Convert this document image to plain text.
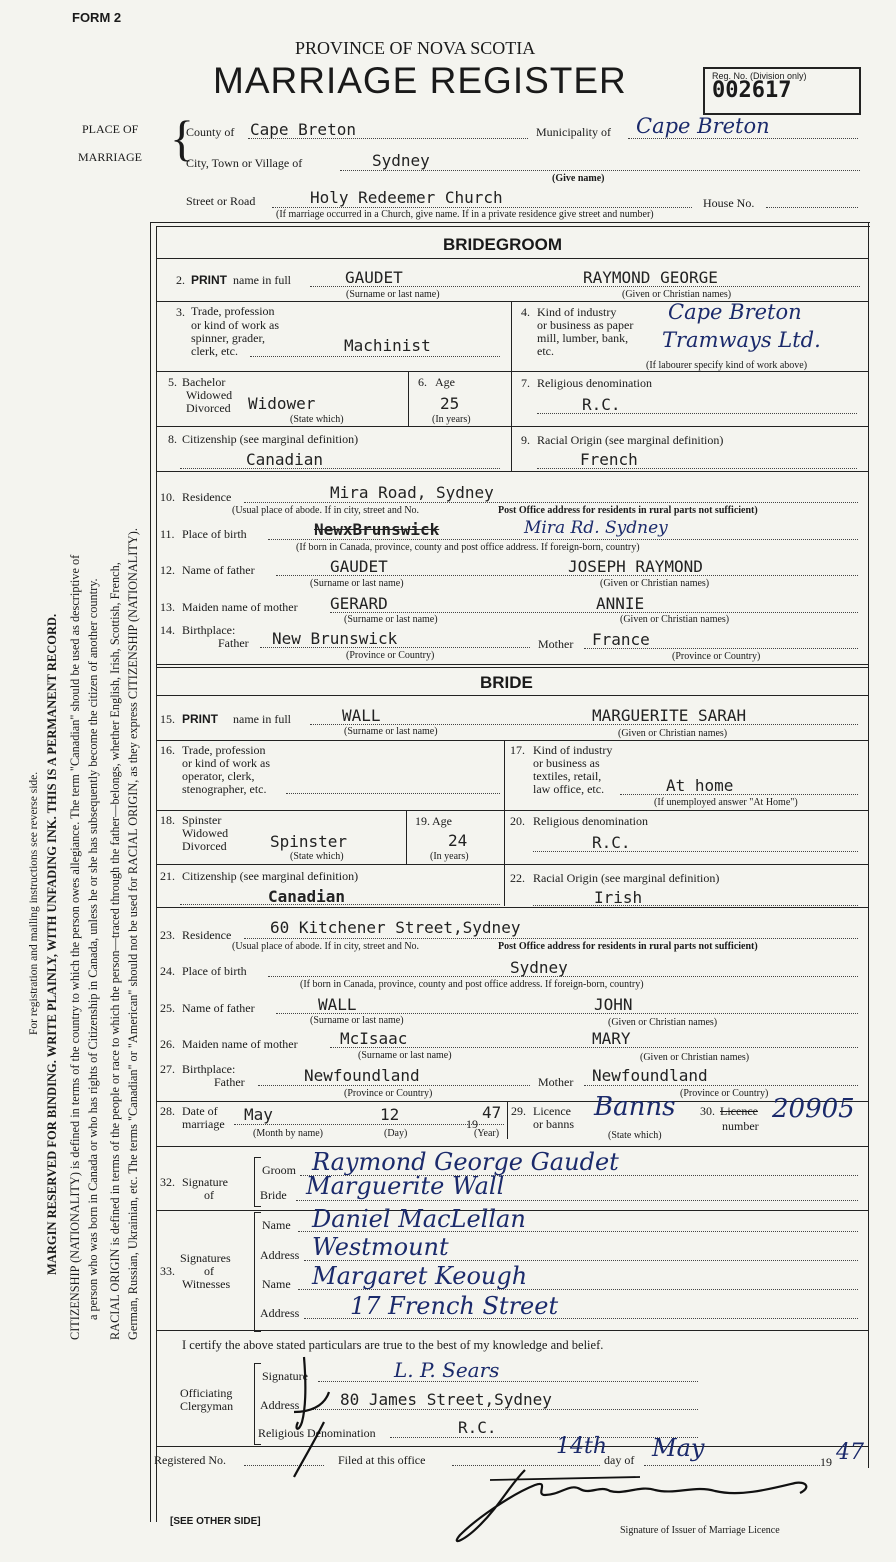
FORM 2
PROVINCE OF NOVA SCOTIA
MARRIAGE REGISTER	Reg. No. (Division only)
002617
PLACE OF
MARRIAGE {
County of Cape Breton	Municipality of Cape Breton
City, Town or Village of	Sydney
(Give name)
Street or Road	Holy Redeemer Church	House No.
(If marriage occurred in a Church, give name. If in a private residence give street and number)
For registration and mailing instructions see reverse side. MARGIN RESERVED FOR BINDING. WRITE PLAINLY, WITH UNFADING INK. THIS IS A PERMANENT RECORD. CITIZENSHIP (NATIONALITY) is defined in terms of the country to which the person owes allegiance. The term "Canadian" should be used as descriptive of a person who was born in Canada or who has rights of Citizenship in Canada, unless he or she has subsequently become the citizen of another country. RACIAL ORIGIN is defined in terms of the people or race to which the person—traced through the father—belongs, whether English, Irish, Scottish, French, German, Russian, Ukrainian, etc. The terms "Canadian" or "American" should not be used for RACIAL ORIGIN, as they express CITIZENSHIP (NATIONALITY).
BRIDEGROOM
2. PRINT name in full	GAUDET	RAYMOND GEORGE
(Surname or last name)	(Given or Christian names)
3. Trade, profession
or kind of work as
spinner, grader,
clerk, etc.	Machinist
4. Kind of industry
or business as paper
mill, lumber, bank,
etc.
Cape Breton
Tramways Ltd.
(If labourer specify kind of work above)
5. Bachelor
Widowed
Divorced Widower
(State which)
6. Age
25
(In years)
7. Religious denomination
R.C.
8. Citizenship (see marginal definition)
Canadian
9. Racial Origin (see marginal definition)
French
10. Residence	Mira Road, Sydney
(Usual place of abode. If in city, street and No.	Post Office address for residents in rural parts not sufficient)
11. Place of birth	NewxBrunswick	Mira Rd. Sydney
(If born in Canada, province, county and post office address. If foreign-born, country)
12. Name of father	GAUDET	JOSEPH RAYMOND
(Surname or last name)	(Given or Christian names)
13. Maiden name of mother GERARD	ANNIE
(Surname or last name)	(Given or Christian names)
14. Birthplace:
Father New Brunswick
(Province or Country)
Mother France
(Province or Country)
BRIDE
15. PRINT name in full	WALL	MARGUERITE SARAH
(Surname or last name)	(Given or Christian names)
16. Trade, profession
or kind of work as
operator, clerk,
stenographer, etc.
17. Kind of industry
or business as
textiles, retail,
law office, etc.	At home
(If unemployed answer "At Home")
18. Spinster
Widowed
Divorced	Spinster
(State which)
19. Age
24
(In years)
20. Religious denomination
R.C.
21. Citizenship (see marginal definition)
Canadian
22. Racial Origin (see marginal definition)
Irish
23. Residence 60 Kitchener Street,Sydney
(Usual place of abode. If in city, street and No.	Post Office address for residents in rural parts not sufficient)
24. Place of birth	Sydney
(If born in Canada, province, county and post office address. If foreign-born, country)
25. Name of father	WALL	JOHN
(Surname or last name)	(Given or Christian names)
26. Maiden name of mother	McIsaac	MARY
(Surname or last name)	(Given or Christian names)
27. Birthplace:
Father	Newfoundland
(Province or Country)
Mother Newfoundland
(Province or Country)
28. Date of
marriage May	12	19
47
(Month by name)	(Day)	(Year)
29. Licence
or banns
Banns
(State which)
30. Licence
number
20905
32. Signature
of
Groom Raymond George Gaudet
Bride Marguerite Wall
33.
Signatures
of
Witnesses
Name Daniel MacLellan
Address Westmount
Name Margaret Keough
Address 17 French Street
I certify the above stated particulars are true to the best of my knowledge and belief.
Officiating
Clergyman
Signature	L. P. Sears
Address	80 James Street,Sydney
Religious Denomination	R.C.
Registered No.	Filed at this office
14th
day of May	19 47
Signature of Issuer of Marriage Licence
[SEE OTHER SIDE]
